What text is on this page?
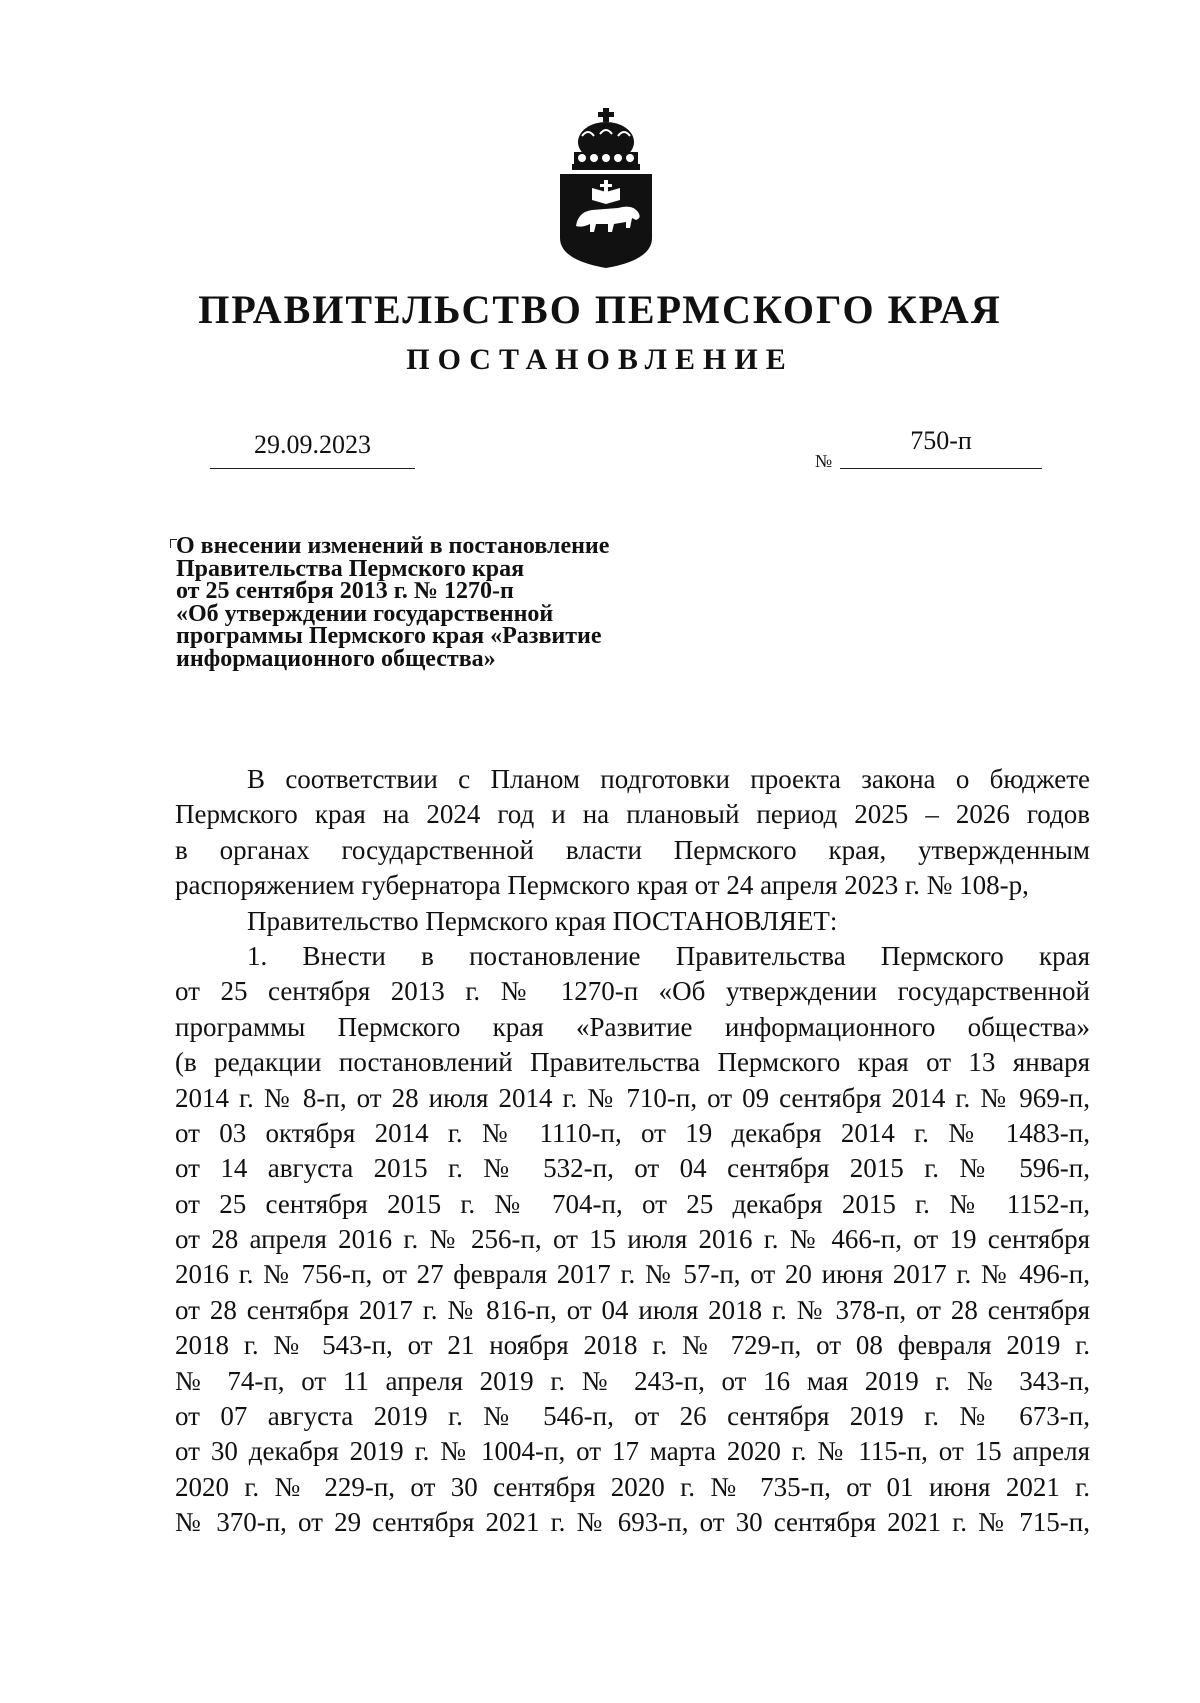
ПРАВИТЕЛЬСТВО ПЕРМСКОГО КРАЯ
ПОСТАНОВЛЕНИЕ
29.09.2023
№
750-п
О внесении изменений в постановление
Правительства Пермского края
от 25 сентября 2013 г. № 1270-п
«Об утверждении государственной
программы Пермского края «Развитие
информационного общества»
В соответствии с Планом подготовки проекта закона о бюджете
Пермского края на 2024 год и на плановый период 2025 – 2026 годов
в органах государственной власти Пермского края, утвержденным
распоряжением губернатора Пермского края от 24 апреля 2023 г. № 108-р,
Правительство Пермского края ПОСТАНОВЛЯЕТ:
1. Внести в постановление Правительства Пермского края
от 25 сентября 2013 г. № 1270-п «Об утверждении государственной
программы Пермского края «Развитие информационного общества»
(в редакции постановлений Правительства Пермского края от 13 января
2014 г. № 8-п, от 28 июля 2014 г. № 710-п, от 09 сентября 2014 г. № 969-п,
от 03 октября 2014 г. № 1110-п, от 19 декабря 2014 г. № 1483-п,
от 14 августа 2015 г. № 532-п, от 04 сентября 2015 г. № 596-п,
от 25 сентября 2015 г. № 704-п, от 25 декабря 2015 г. № 1152-п,
от 28 апреля 2016 г. № 256-п, от 15 июля 2016 г. № 466-п, от 19 сентября
2016 г. № 756-п, от 27 февраля 2017 г. № 57-п, от 20 июня 2017 г. № 496-п,
от 28 сентября 2017 г. № 816-п, от 04 июля 2018 г. № 378-п, от 28 сентября
2018 г. № 543-п, от 21 ноября 2018 г. № 729-п, от 08 февраля 2019 г.
№ 74-п, от 11 апреля 2019 г. № 243-п, от 16 мая 2019 г. № 343-п,
от 07 августа 2019 г. № 546-п, от 26 сентября 2019 г. № 673-п,
от 30 декабря 2019 г. № 1004-п, от 17 марта 2020 г. № 115-п, от 15 апреля
2020 г. № 229-п, от 30 сентября 2020 г. № 735-п, от 01 июня 2021 г.
№ 370-п, от 29 сентября 2021 г. № 693-п, от 30 сентября 2021 г. № 715-п,
